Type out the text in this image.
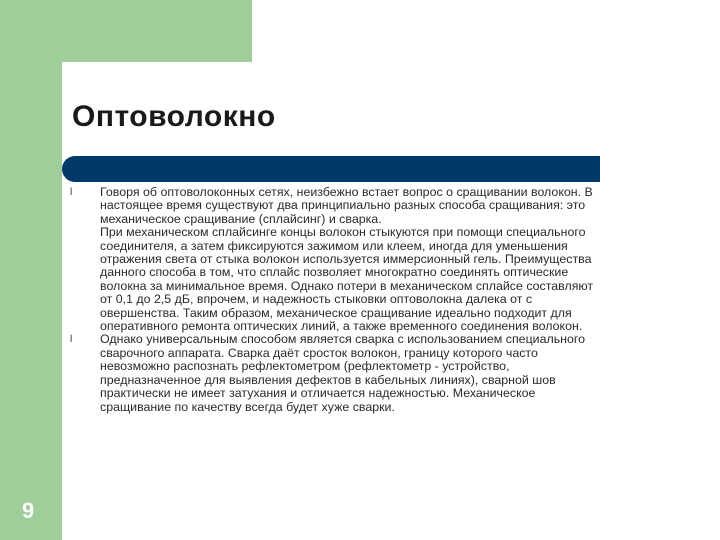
Оптоволокно
l	Говоря об оптоволоконных сетях, неизбежно встает вопрос о сращивании волокон. В
настоящее время существуют два принципиально разных способа сращивания: это
механическое сращивание (сплайсинг) и сварка.
При механическом сплайсинге концы волокон стыкуются при помощи специального
соединителя, а затем фиксируются зажимом или клеем, иногда для уменьшения
отражения света от стыка волокон используется иммерсионный гель. Преимущества
данного способа в том, что сплайс позволяет многократно соединять оптические
волокна за минимальное время. Однако потери в механическом сплайсе составляют
от 0,1 до 2,5 дБ, впрочем, и надежность стыковки оптоволокна далека от с
овершенства. Таким образом, механическое сращивание идеально подходит для
оперативного ремонта оптических линий, а также временного соединения волокон.
l	Однако универсальным способом является сварка с использованием специального
сварочного аппарата. Сварка даёт сросток волокон, границу которого часто
невозможно распознать рефлектометром (рефлектометр - устройство,
предназначенное для выявления дефектов в кабельных линиях), сварной шов
практически не имеет затухания и отличается надежностью. Механическое
сращивание по качеству всегда будет хуже сварки.
9
